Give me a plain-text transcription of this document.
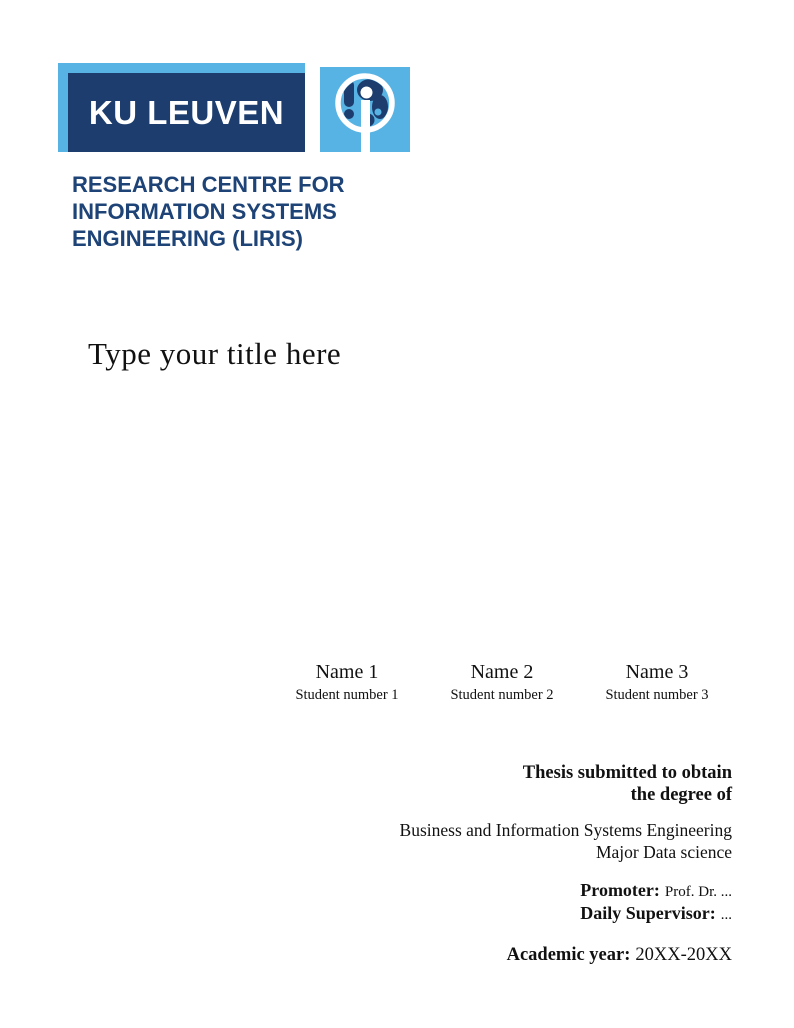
KU LEUVEN
RESEARCH CENTRE FOR
INFORMATION SYSTEMS
ENGINEERING (LIRIS)
Type your title here
Name 1
Student number 1
Name 2
Student number 2
Name 3
Student number 3
Thesis submitted to obtain
the degree of
Business and Information Systems Engineering
Major Data science
Promoter: Prof. Dr. ...
Daily Supervisor: ...
Academic year: 20XX-20XX
